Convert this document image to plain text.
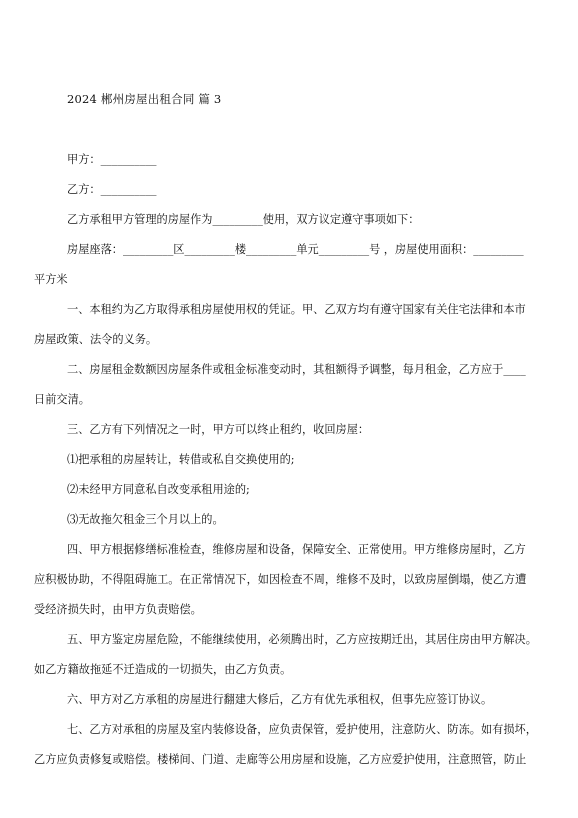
2024 郴州房屋出租合同 篇 3
甲方：__________
乙方：__________
乙方承租甲方管理的房屋作为_________使用，双方议定遵守事项如下：
房屋座落：_________区_________楼_________单元_________号 ，房屋使用面积：_________
平方米
一、本租约为乙方取得承租房屋使用权的凭证。甲、乙双方均有遵守国家有关住宅法律和本市
房屋政策、法令的义务。
二、房屋租金数额因房屋条件或租金标准变动时，其租额得予调整，每月租金，乙方应于____
日前交清。
三、乙方有下列情况之一时，甲方可以终止租约，收回房屋：
⑴把承租的房屋转让，转借或私自交换使用的;
⑵未经甲方同意私自改变承租用途的;
⑶无故拖欠租金三个月以上的。
四、甲方根据修缮标准检查，维修房屋和设备，保障安全、正常使用。甲方维修房屋时，乙方
应积极协助，不得阻碍施工。在正常情况下，如因检查不周，维修不及时，以致房屋倒塌，使乙方遭
受经济损失时，由甲方负责赔偿。
五、甲方鉴定房屋危险，不能继续使用，必须腾出时，乙方应按期迁出，其居住房由甲方解决。
如乙方籍故拖延不迁造成的一切损失，由乙方负责。
六、甲方对乙方承租的房屋进行翻建大修后，乙方有优先承租权，但事先应签订协议。
七、乙方对承租的房屋及室内装修设备，应负责保管，爱护使用，注意防火、防冻。如有损坏，
乙方应负责修复或赔偿。楼梯间、门道、走廊等公用房屋和设施，乙方应爱护使用，注意照管，防止
